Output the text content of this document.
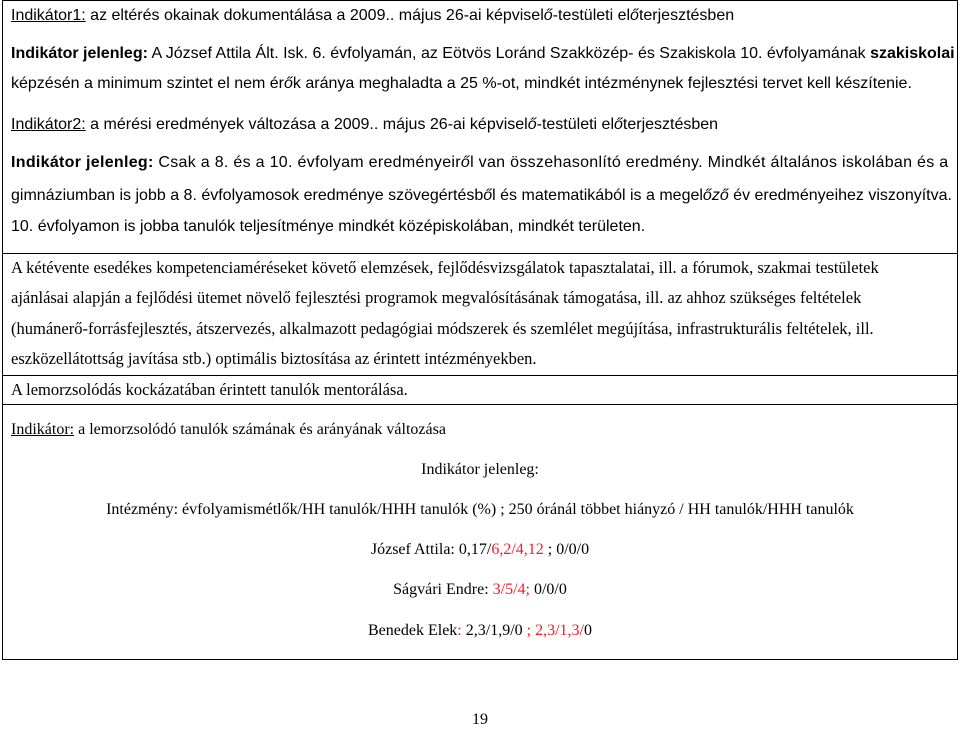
Indikátor1: az eltérés okainak dokumentálása a 2009.. május 26-ai képviselő-testületi előterjesztésben
Indikátor jelenleg: A József Attila Ált. Isk. 6. évfolyamán, az Eötvös Loránd Szakközép- és Szakiskola 10. évfolyamának szakiskolai
képzésén a minimum szintet el nem érők aránya meghaladta a 25 %-ot, mindkét intézménynek fejlesztési tervet kell készítenie.
Indikátor2: a mérési eredmények változása a 2009.. május 26-ai képviselő-testületi előterjesztésben
Indikátor jelenleg: Csak a 8. és a 10. évfolyam eredményeiről van összehasonlító eredmény. Mindkét általános iskolában és a
gimnáziumban is jobb a 8. évfolyamosok eredménye szövegértésből és matematikából is a megelőző év eredményeihez viszonyítva.
10. évfolyamon is jobba tanulók teljesítménye mindkét középiskolában, mindkét területen.
A kétévente esedékes kompetenciaméréseket követő elemzések, fejlődésvizsgálatok tapasztalatai, ill. a fórumok, szakmai testületek
ajánlásai alapján a fejlődési ütemet növelő fejlesztési programok megvalósításának támogatása, ill. az ahhoz szükséges feltételek
(humánerő-forrásfejlesztés, átszervezés, alkalmazott pedagógiai módszerek és szemlélet megújítása, infrastrukturális feltételek, ill.
eszközellátottság javítása stb.) optimális biztosítása az érintett intézményekben.
A lemorzsolódás kockázatában érintett tanulók mentorálása.
Indikátor: a lemorzsolódó tanulók számának és arányának változása
Indikátor jelenleg:
Intézmény: évfolyamismétlők/HH tanulók/HHH tanulók (%) ; 250 óránál többet hiányzó / HH tanulók/HHH tanulók
József Attila: 0,17/6,2/4,12 ; 0/0/0
Ságvári Endre: 3/5/4; 0/0/0
Benedek Elek: 2,3/1,9/0 ; 2,3/1,3/0
19
